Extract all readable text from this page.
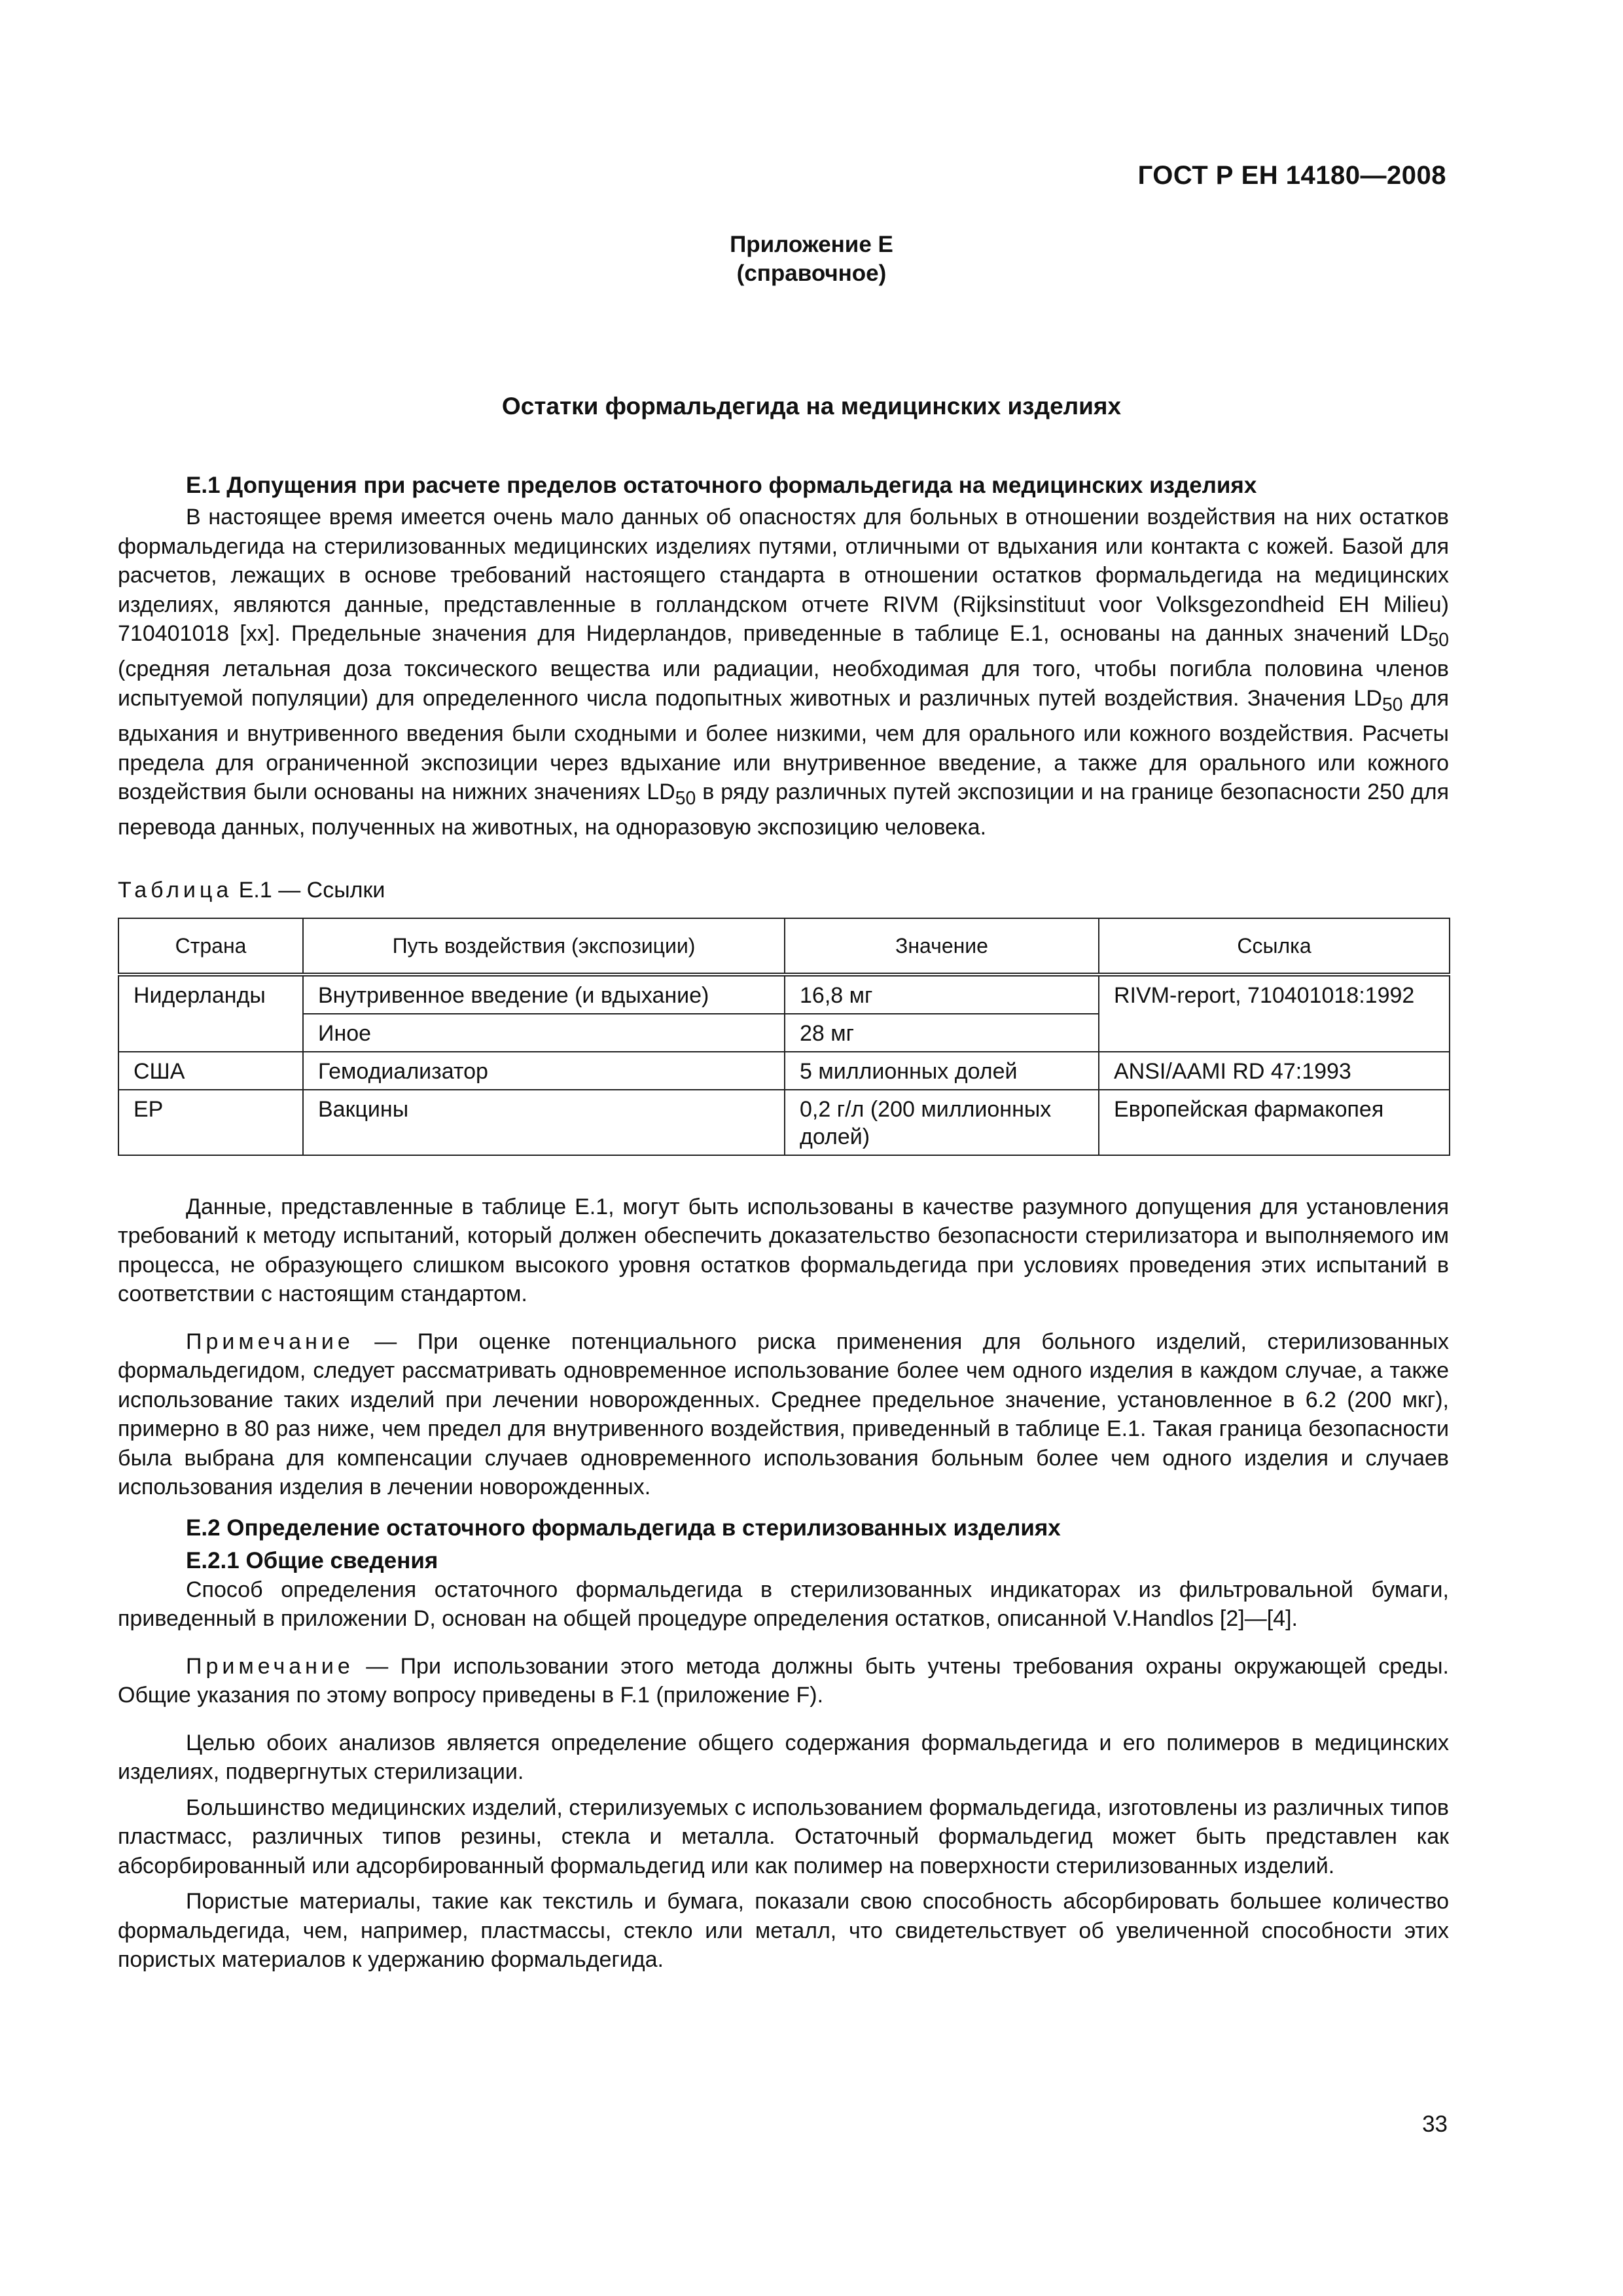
ГОСТ Р ЕН 14180—2008
Приложение Е
(справочное)
Остатки формальдегида на медицинских изделиях
Е.1 Допущения при расчете пределов остаточного формальдегида на медицинских изделиях

В настоящее время имеется очень мало данных об опасностях для больных в отношении воздействия на них остатков формальдегида на стерилизованных медицинских изделиях путями, отличными от вдыхания или контакта с кожей. Базой для расчетов, лежащих в основе требований настоящего стандарта в отношении остатков формальдегида на медицинских изделиях, являются данные, представленные в голландском отчете RIVM (Rijksinstituut voor Volksgezondheid EH Milieu) 710401018 [xx]. Предельные значения для Нидерландов, приведенные в таблице Е.1, основаны на данных значений $LD_{50}$ (средняя летальная доза токсического вещества или радиации, необходимая для того, чтобы погибла половина членов испытуемой популяции) для определенного числа подопытных животных и различных путей воздействия. Значения $LD_{50}$ для вдыхания и внутривенного введения были сходными и более низкими, чем для орального или кожного воздействия. Расчеты предела для ограниченной экспозиции через вдыхание или внутривенное введение, а также для орального или кожного воздействия были основаны на нижних значениях $LD_{50}$ в ряду различных путей экспозиции и на границе безопасности 250 для перевода данных, полученных на животных, на одноразовую экспозицию человека.

Таблица Е.1 — Ссылки
Страна	Путь воздействия (экспозиции)	Значение	Ссылка
Нидерланды	Внутривенное введение (и вдыхание)	16,8 мг	RIVM-report, 710401018:1992
	Иное	28 мг	
США	Гемодиализатор	5 миллионных долей	ANSI/AAMI RD 47:1993
ЕР	Вакцины	0,2 г/л (200 миллионных долей)	Европейская фармакопея

Данные, представленные в таблице Е.1, могут быть использованы в качестве разумного допущения для установления требований к методу испытаний, который должен обеспечить доказательство безопасности стерилизатора и выполняемого им процесса, не образующего слишком высокого уровня остатков формальдегида при условиях проведения этих испытаний в соответствии с настоящим стандартом.

Примечание — При оценке потенциального риска применения для больного изделий, стерилизованных формальдегидом, следует рассматривать одновременное использование более чем одного изделия в каждом случае, а также использование таких изделий при лечении новорожденных. Среднее предельное значение, установленное в 6.2 (200 мкг), примерно в 80 раз ниже, чем предел для внутривенного воздействия, приведенный в таблице Е.1. Такая граница безопасности была выбрана для компенсации случаев одновременного использования больным более чем одного изделия и случаев использования изделия в лечении новорожденных.

Е.2 Определение остаточного формальдегида в стерилизованных изделиях
Е.2.1 Общие сведения

Способ определения остаточного формальдегида в стерилизованных индикаторах из фильтровальной бумаги, приведенный в приложении D, основан на общей процедуре определения остатков, описанной V.Handlos [2]—[4].

Примечание — При использовании этого метода должны быть учтены требования охраны окружающей среды. Общие указания по этому вопросу приведены в F.1 (приложение F).

Целью обоих анализов является определение общего содержания формальдегида и его полимеров в медицинских изделиях, подвергнутых стерилизации.

Большинство медицинских изделий, стерилизуемых с использованием формальдегида, изготовлены из различных типов пластмасс, различных типов резины, стекла и металла. Остаточный формальдегид может быть представлен как абсорбированный или адсорбированный формальдегид или как полимер на поверхности стерилизованных изделий.

Пористые материалы, такие как текстиль и бумага, показали свою способность абсорбировать большее количество формальдегида, чем, например, пластмассы, стекло или металл, что свидетельствует об увеличенной способности этих пористых материалов к удержанию формальдегида.

33
